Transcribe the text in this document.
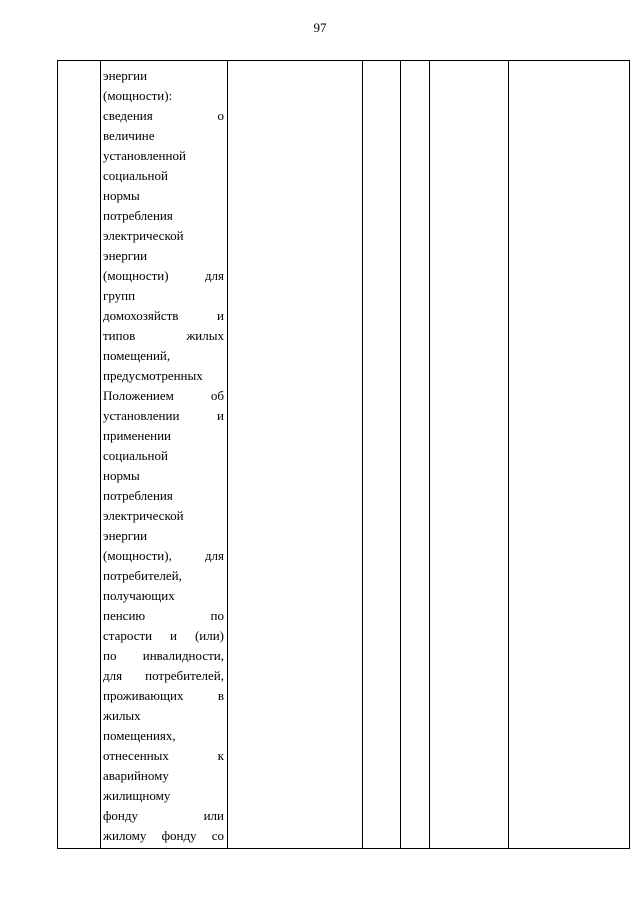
97

энергии
(мощности):
сведения	о
величине
установленной
социальной
нормы
потребления
электрической
энергии
(мощности)	для
групп
домохозяйств	и
типов	жилых
помещений,
предусмотренных
Положением	об
установлении	и
применении
социальной
нормы
потребления
электрической
энергии
(мощности),	для
потребителей,
получающих
пенсию	по
старости и (или)
по инвалидности,
для потребителей,
проживающих	в
жилых
помещениях,
отнесенных	к
аварийному
жилищному
фонду	или
жилому фонду со
